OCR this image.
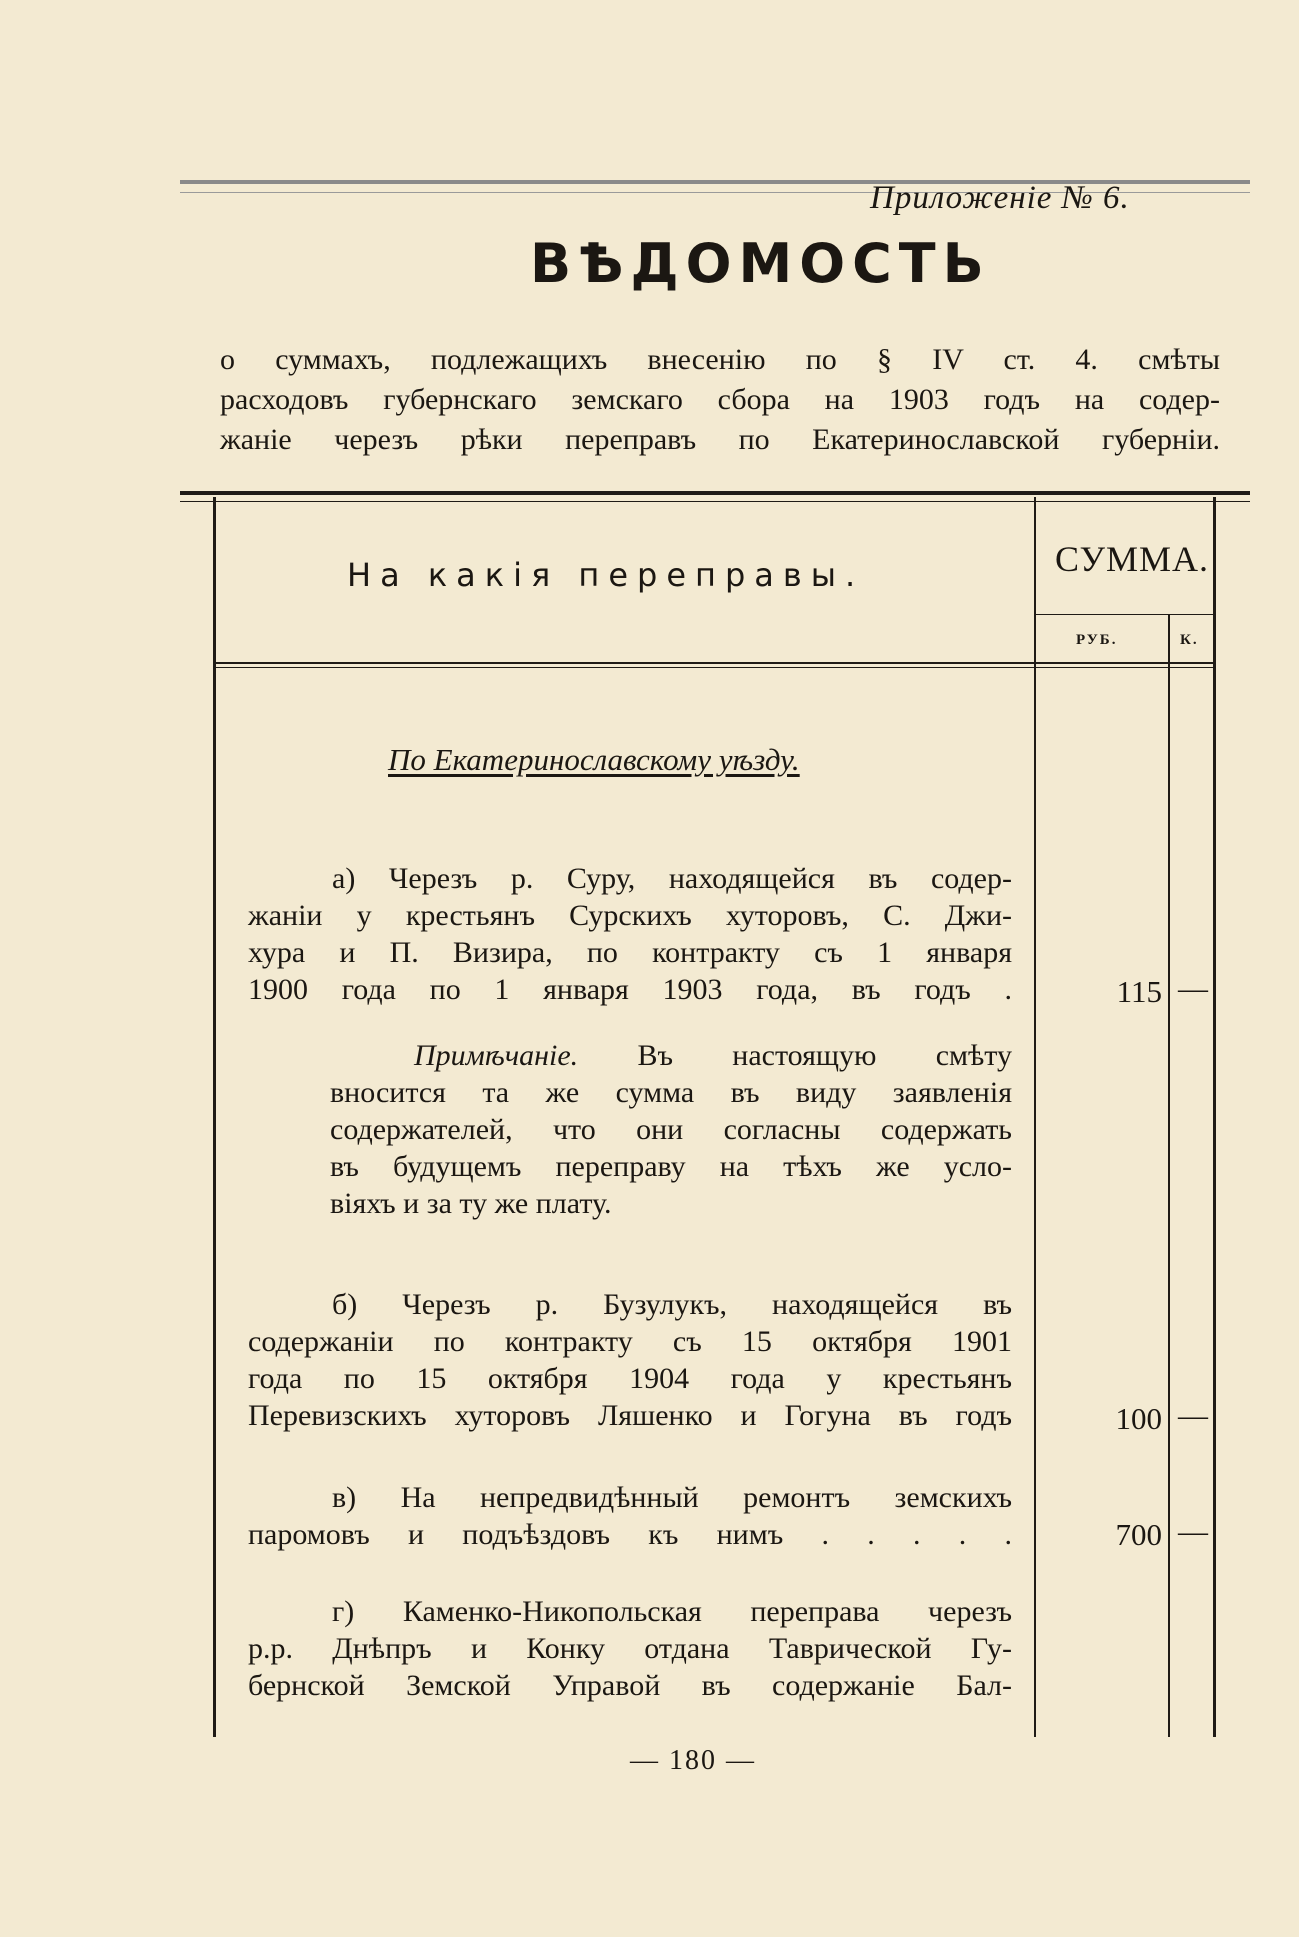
Приложеніе № 6.
ВѢДОМОСТЬ
о суммахъ, подлежащихъ внесенію по § IV ст. 4. смѣты
расходовъ губернскаго земскаго сбора на 1903 годъ на содер-
жаніе черезъ рѣки переправъ по Екатеринославской губерніи.
На какія переправы.	СУММА.
РУБ.	К.
По Екатеринославскому уѣзду.
а) Черезъ р. Суру, находящейся въ содер-
жаніи у крестьянъ Сурскихъ хуторовъ, С. Джи-
хура и П. Визира, по контракту съ 1 января
1900 года по 1 января 1903 года, въ годъ .	115 —
Примѣчаніе. Въ настоящую смѣту
вносится та же сумма въ виду заявленія
содержателей, что они согласны содержать
въ будущемъ переправу на тѣхъ же усло-
віяхъ и за ту же плату.
б) Черезъ р. Бузулукъ, находящейся въ
содержаніи по контракту съ 15 октября 1901
года по 15 октября 1904 года у крестьянъ
Перевизскихъ хуторовъ Ляшенко и Гогуна въ годъ	100 —
в) На непредвидѣнный ремонтъ земскихъ
паромовъ и подъѣздовъ къ нимъ . . . . .	700 —
г) Каменко-Никопольская переправа черезъ
р.р. Днѣпръ и Конку отдана Таврической Гу-
бернской Земской Управой въ содержаніе Бал-
— 180 —
